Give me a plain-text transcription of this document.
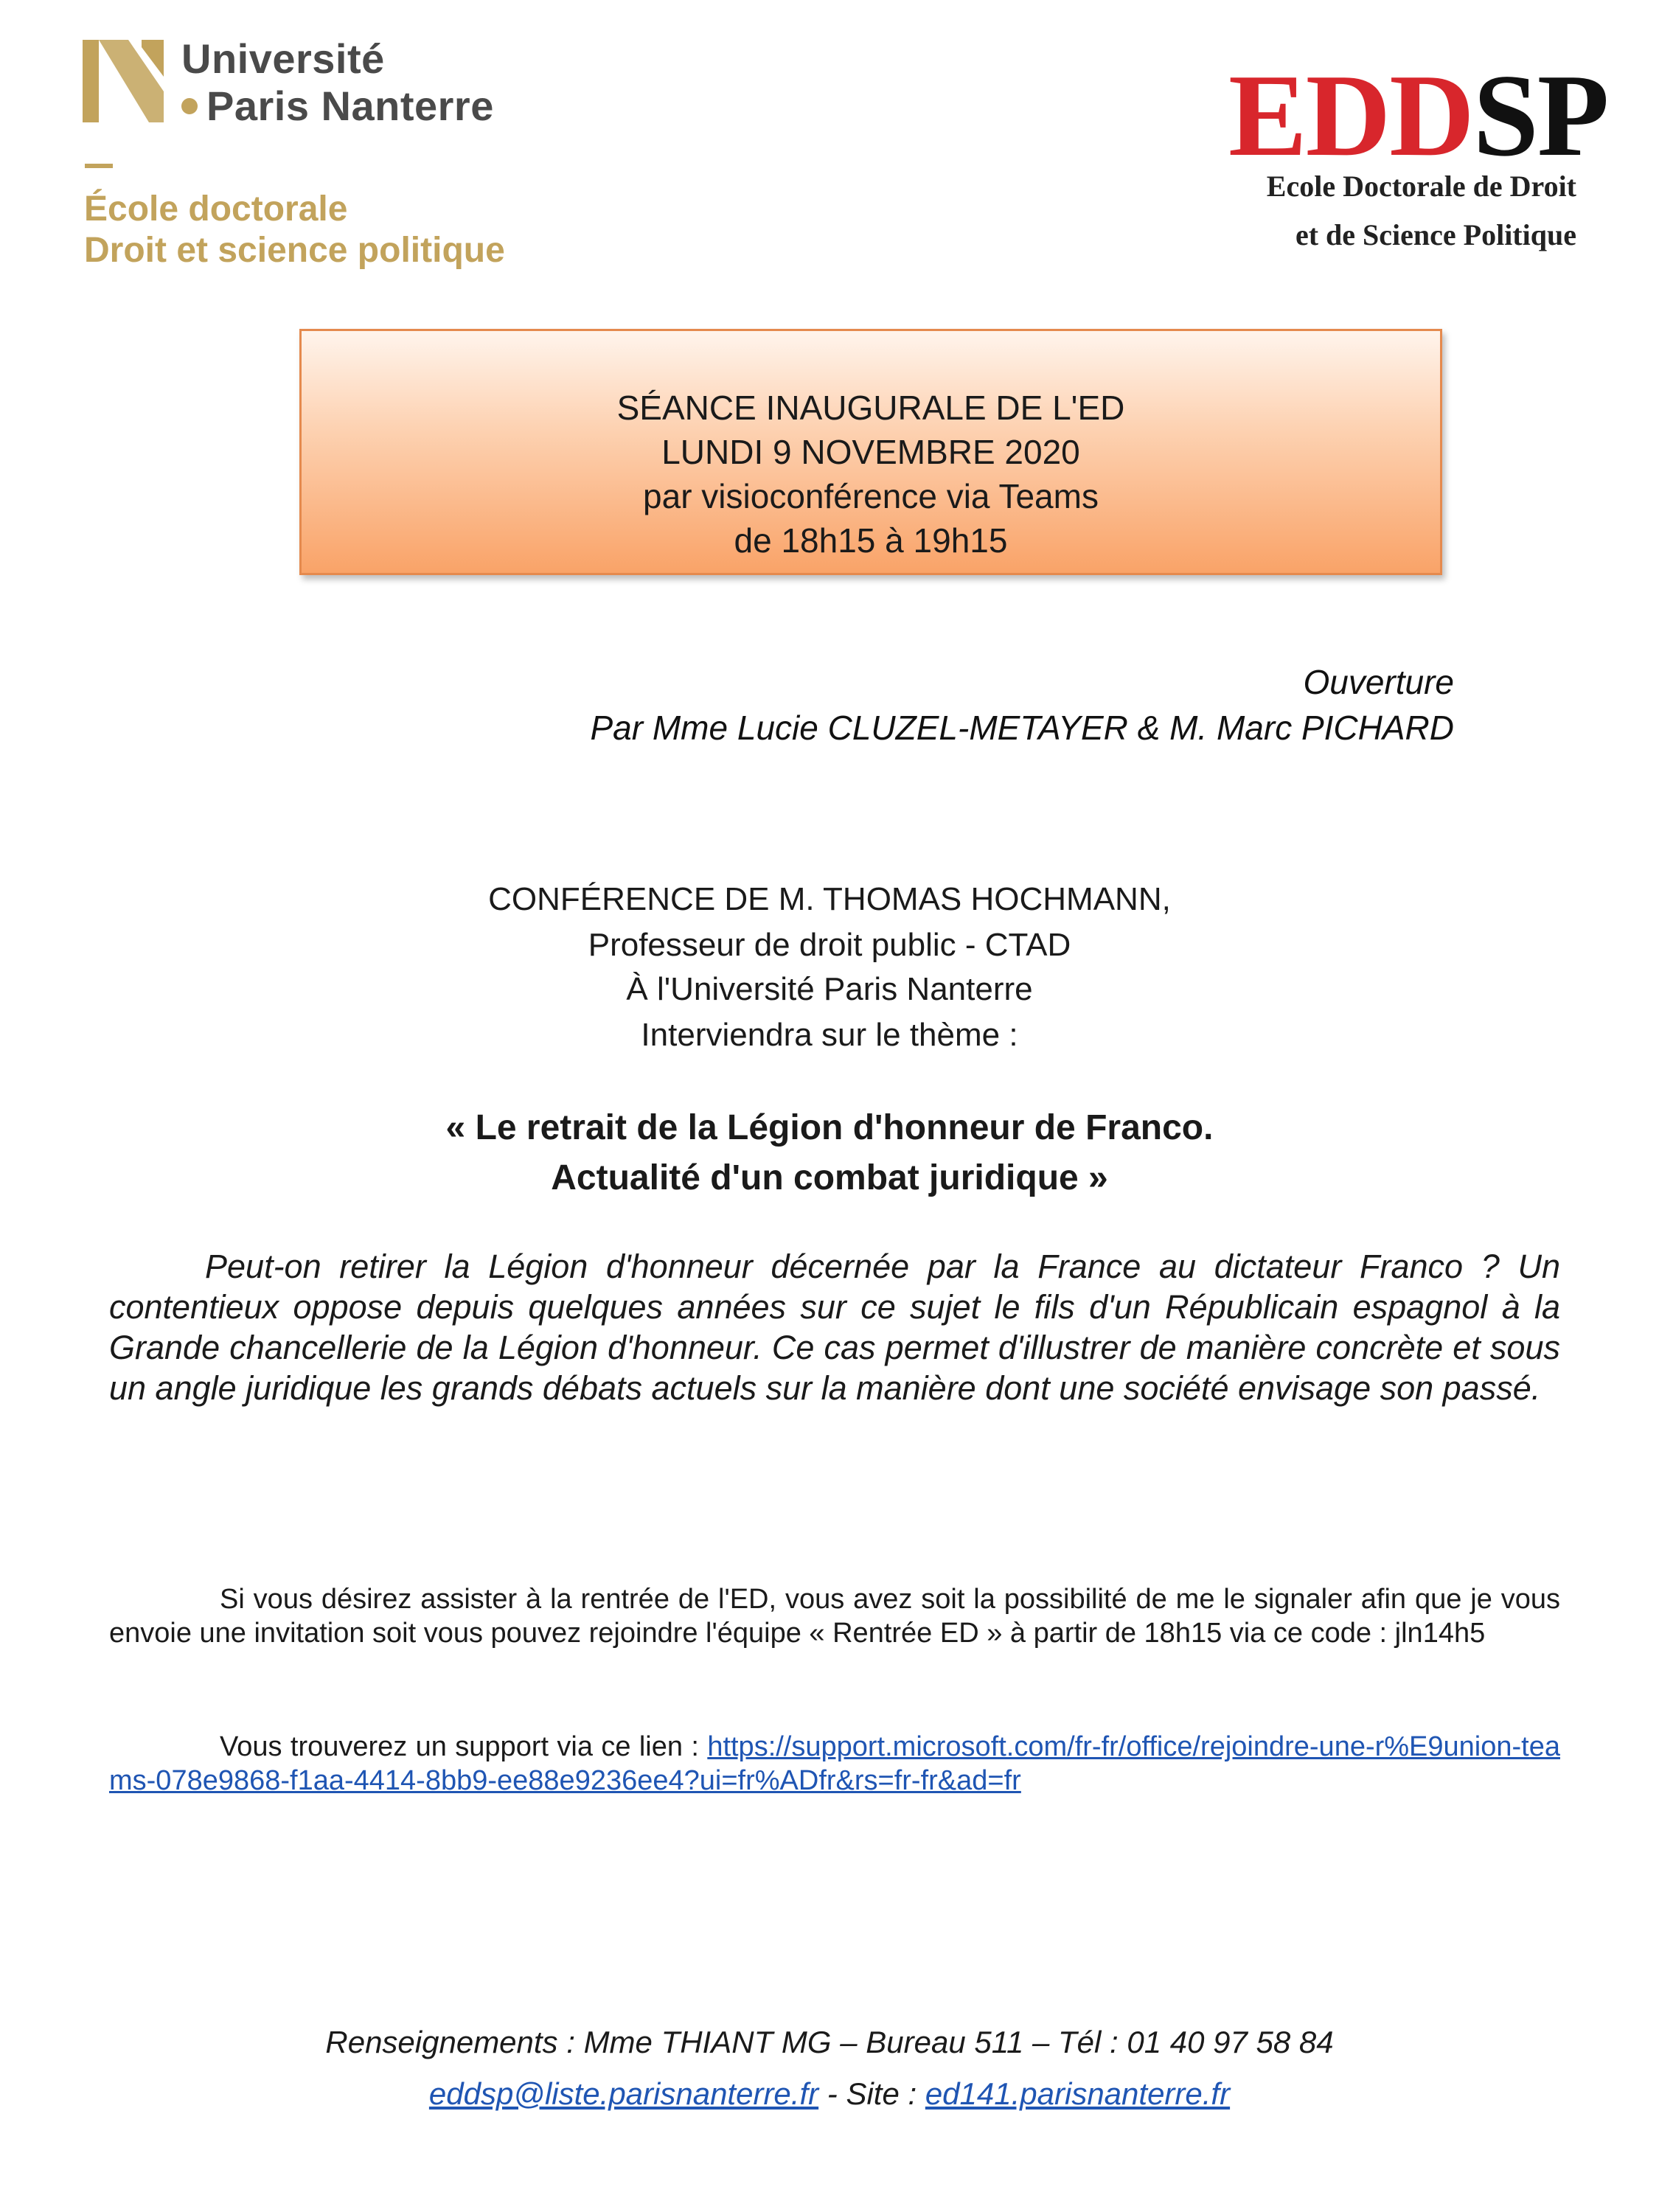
Université
Paris Nanterre
École doctorale
Droit et science politique
EDDSP
Ecole Doctorale de Droit
et de Science Politique
SÉANCE INAUGURALE DE L'ED
LUNDI 9 NOVEMBRE 2020
par visioconférence via Teams
de 18h15 à 19h15
Ouverture
Par Mme Lucie CLUZEL-METAYER & M. Marc PICHARD
CONFÉRENCE DE M. THOMAS HOCHMANN,
Professeur de droit public - CTAD
À l'Université Paris Nanterre
Interviendra sur le thème :
« Le retrait de la Légion d'honneur de Franco.
Actualité d'un combat juridique »
Peut-on retirer la Légion d'honneur décernée par la France au dictateur Franco ? Un contentieux oppose depuis quelques années sur ce sujet le fils d'un Républicain espagnol à la Grande chancellerie de la Légion d'honneur. Ce cas permet d'illustrer de manière concrète et sous un angle juridique les grands débats actuels sur la manière dont une société envisage son passé.
Si vous désirez assister à la rentrée de l'ED, vous avez soit la possibilité de me le signaler afin que je vous envoie une invitation soit vous pouvez rejoindre l'équipe « Rentrée ED » à partir de 18h15 via ce code : jln14h5
Vous trouverez un support via ce lien : https://support.microsoft.com/fr-fr/office/rejoindre-une-r%E9union-teams-078e9868-f1aa-4414-8bb9-ee88e9236ee4?ui=fr%ADfr&rs=fr-fr&ad=fr
Renseignements : Mme THIANT MG – Bureau 511 – Tél : 01 40 97 58 84
eddsp@liste.parisnanterre.fr - Site : ed141.parisnanterre.fr
